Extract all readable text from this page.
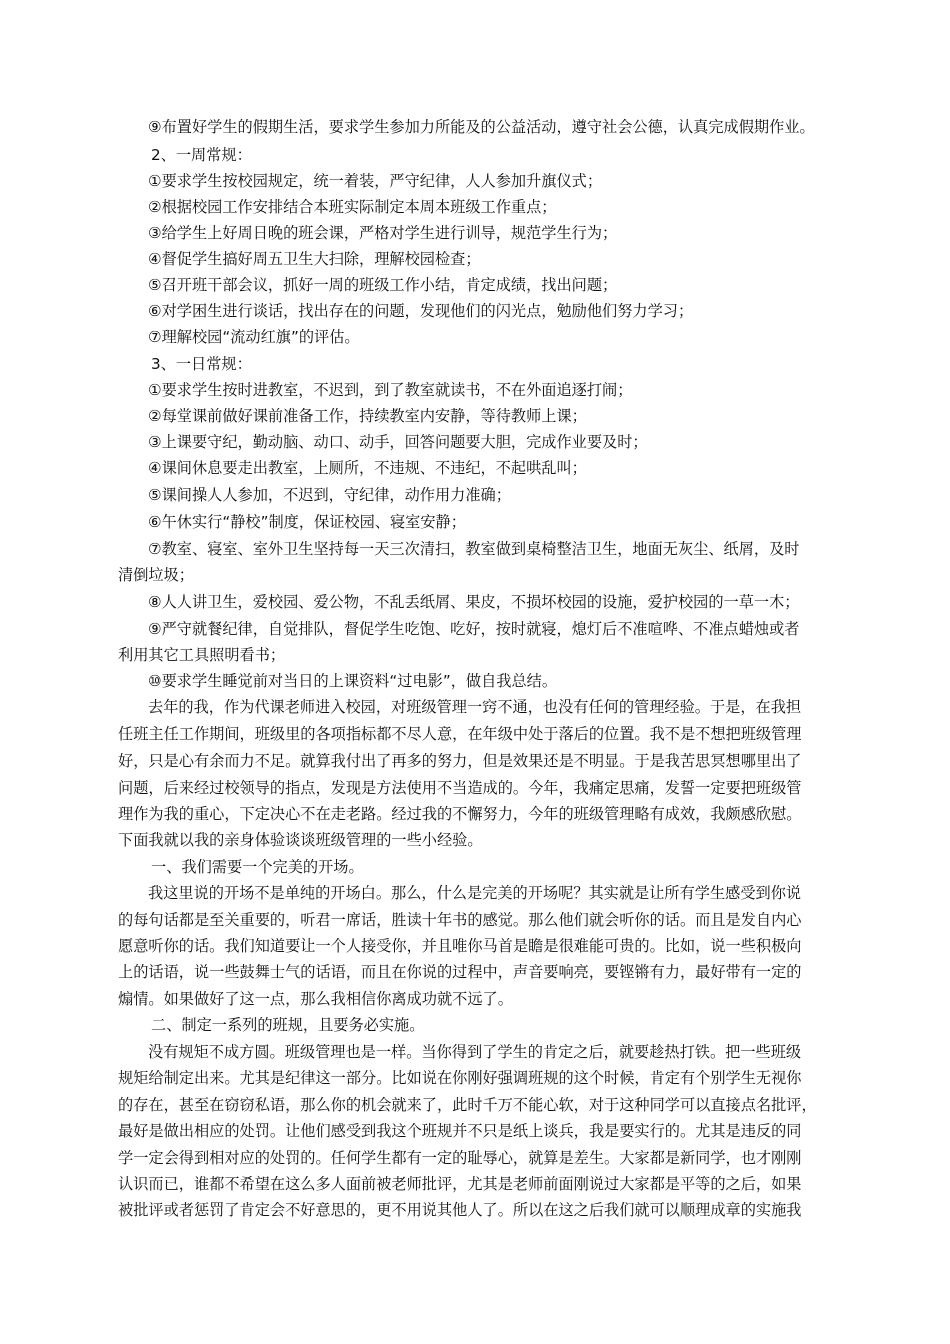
⑨布置好学生的假期生活，要求学生参加力所能及的公益活动，遵守社会公德，认真完成假期作业。
2、一周常规：
①要求学生按校园规定，统一着装，严守纪律，人人参加升旗仪式；
②根据校园工作安排结合本班实际制定本周本班级工作重点；
③给学生上好周日晚的班会课，严格对学生进行训导，规范学生行为；
④督促学生搞好周五卫生大扫除，理解校园检查；
⑤召开班干部会议，抓好一周的班级工作小结，肯定成绩，找出问题；
⑥对学困生进行谈话，找出存在的问题，发现他们的闪光点，勉励他们努力学习；
⑦理解校园“流动红旗”的评估。
3、一日常规：
①要求学生按时进教室，不迟到，到了教室就读书，不在外面追逐打闹；
②每堂课前做好课前准备工作，持续教室内安静，等待教师上课；
③上课要守纪，勤动脑、动口、动手，回答问题要大胆，完成作业要及时；
④课间休息要走出教室，上厕所，不违规、不违纪，不起哄乱叫；
⑤课间操人人参加，不迟到，守纪律，动作用力准确；
⑥午休实行“静校”制度，保证校园、寝室安静；
⑦教室、寝室、室外卫生坚持每一天三次清扫，教室做到桌椅整洁卫生，地面无灰尘、纸屑，及时
清倒垃圾；
⑧人人讲卫生，爱校园、爱公物，不乱丢纸屑、果皮，不损坏校园的设施，爱护校园的一草一木；
⑨严守就餐纪律，自觉排队，督促学生吃饱、吃好，按时就寝，熄灯后不准喧哗、不准点蜡烛或者
利用其它工具照明看书；
⑩要求学生睡觉前对当日的上课资料“过电影”，做自我总结。
去年的我，作为代课老师进入校园，对班级管理一窍不通，也没有任何的管理经验。于是，在我担
任班主任工作期间，班级里的各项指标都不尽人意，在年级中处于落后的位置。我不是不想把班级管理
好，只是心有余而力不足。就算我付出了再多的努力，但是效果还是不明显。于是我苦思冥想哪里出了
问题，后来经过校领导的指点，发现是方法使用不当造成的。今年，我痛定思痛，发誓一定要把班级管
理作为我的重心，下定决心不在走老路。经过我的不懈努力，今年的班级管理略有成效，我颇感欣慰。
下面我就以我的亲身体验谈谈班级管理的一些小经验。
一、我们需要一个完美的开场。
我这里说的开场不是单纯的开场白。那么，什么是完美的开场呢？其实就是让所有学生感受到你说
的每句话都是至关重要的，听君一席话，胜读十年书的感觉。那么他们就会听你的话。而且是发自内心
愿意听你的话。我们知道要让一个人接受你，并且唯你马首是瞻是很难能可贵的。比如，说一些积极向
上的话语，说一些鼓舞士气的话语，而且在你说的过程中，声音要响亮，要铿锵有力，最好带有一定的
煽情。如果做好了这一点，那么我相信你离成功就不远了。
二、制定一系列的班规，且要务必实施。
没有规矩不成方圆。班级管理也是一样。当你得到了学生的肯定之后，就要趁热打铁。把一些班级
规矩给制定出来。尤其是纪律这一部分。比如说在你刚好强调班规的这个时候，肯定有个别学生无视你
的存在，甚至在窃窃私语，那么你的机会就来了，此时千万不能心软，对于这种同学可以直接点名批评，
最好是做出相应的处罚。让他们感受到我这个班规并不只是纸上谈兵，我是要实行的。尤其是违反的同
学一定会得到相对应的处罚的。任何学生都有一定的耻辱心，就算是差生。大家都是新同学，也才刚刚
认识而已，谁都不希望在这么多人面前被老师批评，尤其是老师前面刚说过大家都是平等的之后，如果
被批评或者惩罚了肯定会不好意思的，更不用说其他人了。所以在这之后我们就可以顺理成章的实施我
